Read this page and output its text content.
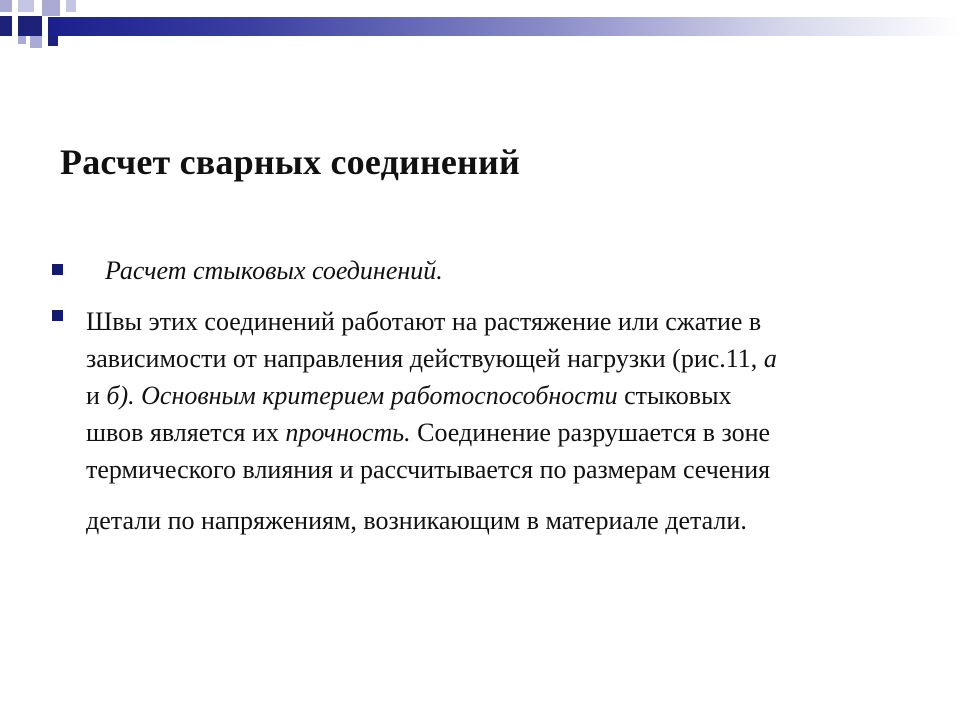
Расчет сварных соединений

Расчет стыковых соединений.

Швы этих соединений работают на растяжение или сжатие в
зависимости от направления действующей нагрузки (рис.11, а
и б). Основным критерием работоспособности стыковых
швов является их прочность. Соединение разрушается в зоне
термического влияния и рассчитывается по размерам сечения
детали по напряжениям, возникающим в материале детали.
